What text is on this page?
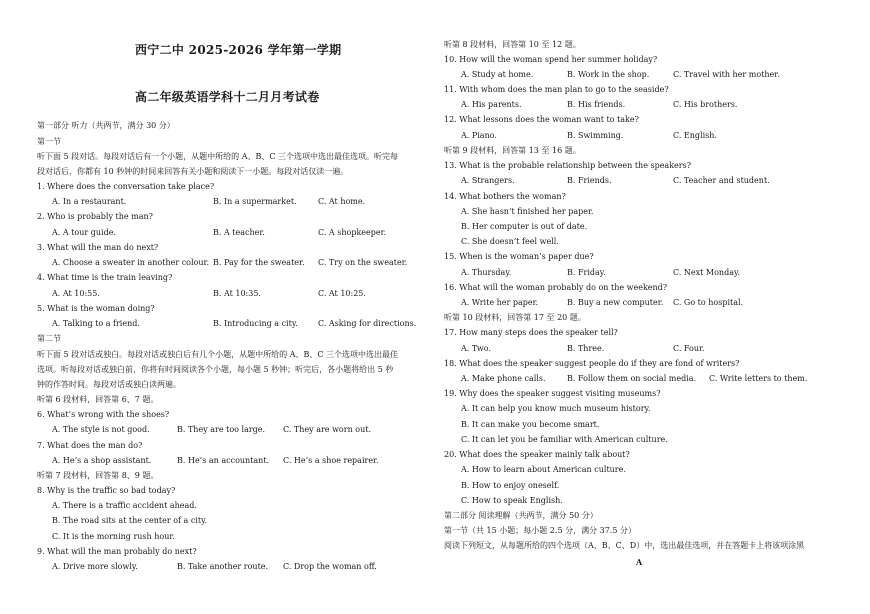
西宁二中 2025-2026 学年第一学期
高二年级英语学科十二月月考试卷
第一部分 听力（共两节，满分 30 分）
第一节
听下面 5 段对话。每段对话后有一个小题，从题中所给的 A、B、C 三个选项中选出最佳选项。听完每
段对话后，你都有 10 秒钟的时间来回答有关小题和阅读下一小题。每段对话仅读一遍。
1. Where does the conversation take place?
A. In a restaurant.	B. In a supermarket.	C. At home.
2. Who is probably the man?
A. A tour guide.	B. A teacher.	C. A shopkeeper.
3. What will the man do next?
A. Choose a sweater in another colour. B. Pay for the sweater. C. Try on the sweater.
4. What time is the train leaving?
A. At 10:55.	B. At 10:35.	C. At 10:25.
5. What is the woman doing?
A. Talking to a friend.	B. Introducing a city.	C. Asking for directions.
第二节
听下面 5 段对话或独白。每段对话或独白后有几个小题，从题中所给的 A、B、C 三个选项中选出最佳
选项。听每段对话或独白前，你将有时间阅读各个小题，每小题 5 秒钟；听完后，各小题将给出 5 秒
钟的作答时间。每段对话或独白读两遍。
听第 6 段材料，回答第 6、7 题。
6. What’s wrong with the shoes?
A. The style is not good.	B. They are too large. C. They are worn out.
7. What does the man do?
A. He’s a shop assistant.	B. He’s an accountant. C. He’s a shoe repairer.
听第 7 段材料，回答第 8、9 题。
8. Why is the traffic so bad today?
A. There is a traffic accident ahead.
B. The road sits at the center of a city.
C. It is the morning rush hour.
9. What will the man probably do next?
A. Drive more slowly.	B. Take another route. C. Drop the woman off.
听第 8 段材料，回答第 10 至 12 题。
10. How will the woman spend her summer holiday?
A. Study at home.	B. Work in the shop.	C. Travel with her mother.
11. With whom does the man plan to go to the seaside?
A. His parents.	B. His friends.	C. His brothers.
12. What lessons does the woman want to take?
A. Piano.	B. Swimming.	C. English.
听第 9 段材料，回答第 13 至 16 题。
13. What is the probable relationship between the speakers?
A. Strangers.	B. Friends.	C. Teacher and student.
14. What bothers the woman?
A. She hasn’t finished her paper.
B. Her computer is out of date.
C. She doesn’t feel well.
15. When is the woman’s paper due?
A. Thursday.	B. Friday.	C. Next Monday.
16. What will the woman probably do on the weekend?
A. Write her paper.	B. Buy a new computer. C. Go to hospital.
听第 10 段材料，回答第 17 至 20 题。
17. How many steps does the speaker tell?
A. Two.	B. Three.	C. Four.
18. What does the speaker suggest people do if they are fond of writers?
A. Make phone calls.	B. Follow them on social media. C. Write letters to them.
19. Why does the speaker suggest visiting museums?
A. It can help you know much museum history.
B. It can make you become smart.
C. It can let you be familiar with American culture.
20. What does the speaker mainly talk about?
A. How to learn about American culture.
B. How to enjoy oneself.
C. How to speak English.
第二部分 阅读理解（共两节，满分 50 分）
第一节（共 15 小题；每小题 2.5 分，满分 37.5 分）
阅读下列短文，从每题所给的四个选项（A、B、C、D）中，选出最佳选项，并在答题卡上将该项涂黑
A
